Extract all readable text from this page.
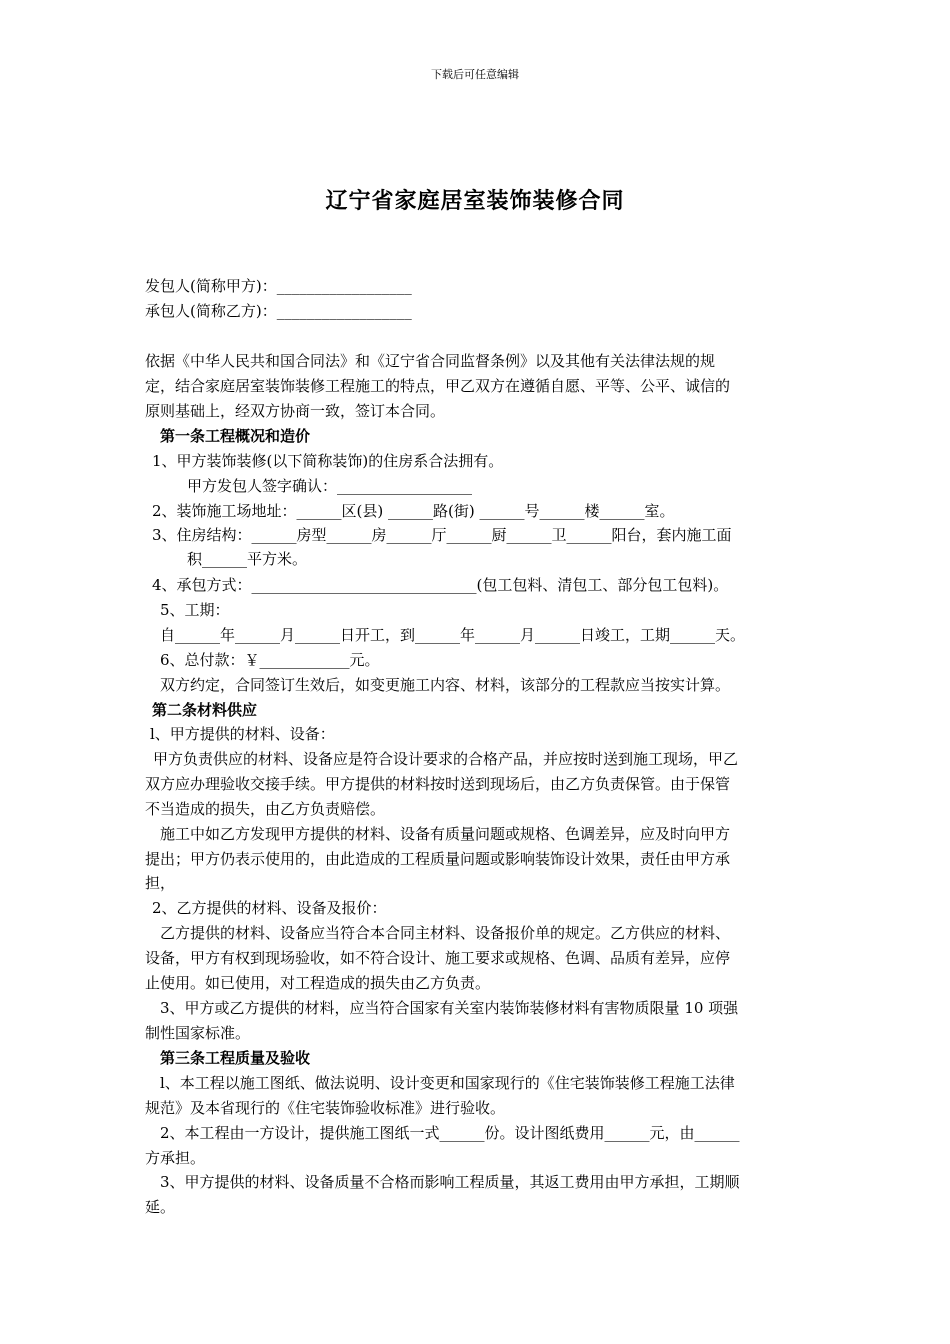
下载后可任意编辑
辽宁省家庭居室装饰装修合同
发包人(简称甲方)：__________________
承包人(简称乙方)：__________________
依据《中华人民共和国合同法》和《辽宁省合同监督条例》以及其他有关法律法规的规
定，结合家庭居室装饰装修工程施工的特点，甲乙双方在遵循自愿、平等、公平、诚信的
原则基础上，经双方协商一致，签订本合同。
第一条工程概况和造价
1、甲方装饰装修(以下简称装饰)的住房系合法拥有。
甲方发包人签字确认：__________________
2、装饰施工场地址：______区(县) ______路(街) ______号______楼______室。
3、住房结构：______房型______房______厅______厨______卫______阳台，套内施工面
积______平方米。
4、承包方式：______________________________(包工包料、清包工、部分包工包料)。
5、工期：
自______年______月______日开工，到______年______月______日竣工，工期______天。
6、总付款：￥____________元。
双方约定，合同签订生效后，如变更施工内容、材料，该部分的工程款应当按实计算。
第二条材料供应
l、甲方提供的材料、设备：
甲方负责供应的材料、设备应是符合设计要求的合格产品，并应按时送到施工现场，甲乙
双方应办理验收交接手续。甲方提供的材料按时送到现场后，由乙方负责保管。由于保管
不当造成的损失，由乙方负责赔偿。
施工中如乙方发现甲方提供的材料、设备有质量问题或规格、色调差异，应及时向甲方
提出；甲方仍表示使用的，由此造成的工程质量问题或影响装饰设计效果，责任由甲方承
担，
2、乙方提供的材料、设备及报价：
乙方提供的材料、设备应当符合本合同主材料、设备报价单的规定。乙方供应的材料、
设备，甲方有权到现场验收，如不符合设计、施工要求或规格、色调、品质有差异，应停
止使用。如已使用，对工程造成的损失由乙方负责。
3、甲方或乙方提供的材料，应当符合国家有关室内装饰装修材料有害物质限量 10 项强
制性国家标准。
第三条工程质量及验收
l、本工程以施工图纸、做法说明、设计变更和国家现行的《住宅装饰装修工程施工法律
规范》及本省现行的《住宅装饰验收标准》进行验收。
2、本工程由一方设计，提供施工图纸一式______份。设计图纸费用______元，由______
方承担。
3、甲方提供的材料、设备质量不合格而影响工程质量，其返工费用由甲方承担，工期顺
延。
